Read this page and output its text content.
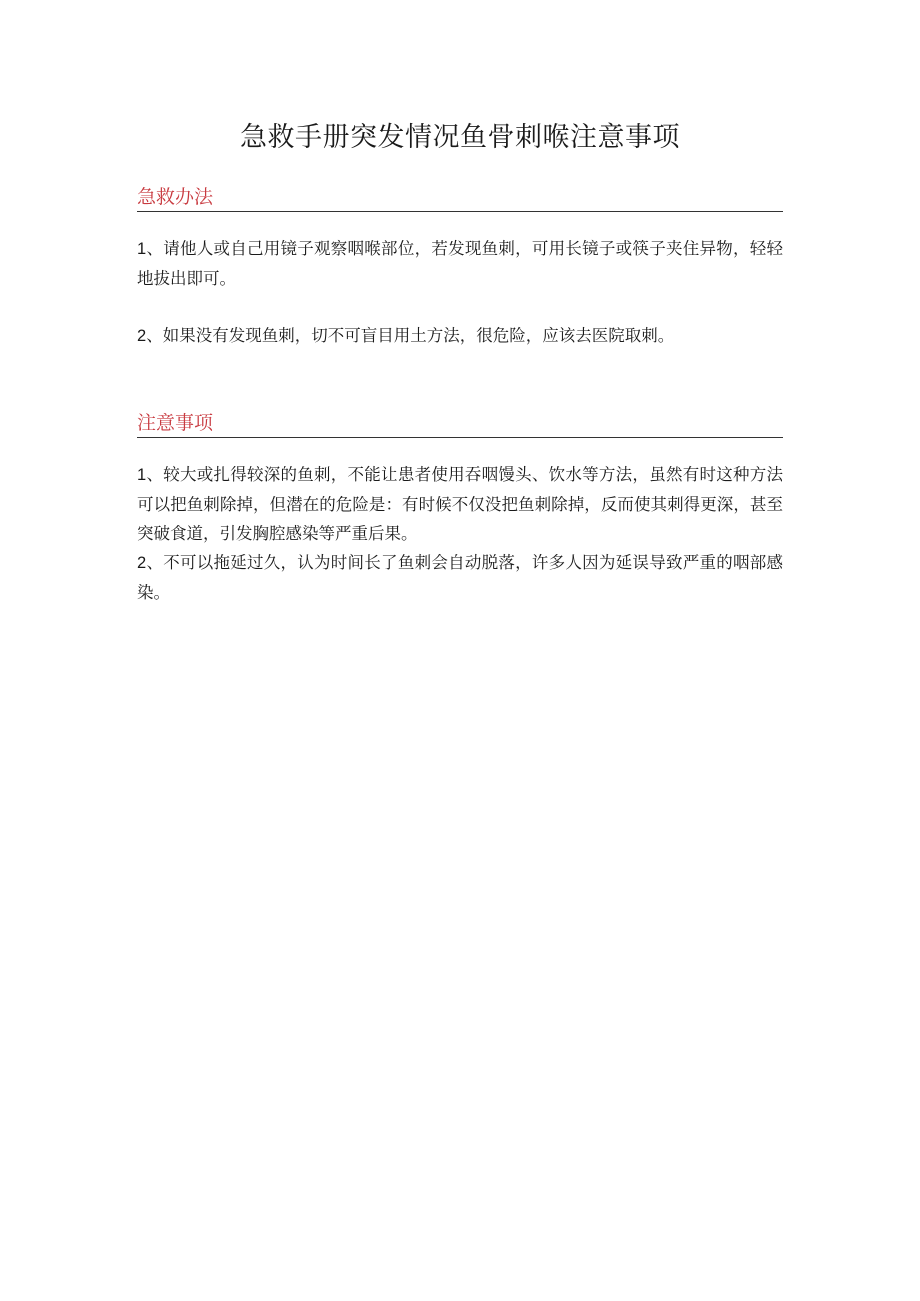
急救手册突发情况鱼骨刺喉注意事项
急救办法

1、请他人或自己用镜子观察咽喉部位，若发现鱼刺，可用长镜子或筷子夹住异物，轻轻地拔出即可。

2、如果没有发现鱼刺，切不可盲目用土方法，很危险，应该去医院取刺。

注意事项

1、较大或扎得较深的鱼刺，不能让患者使用吞咽馒头、饮水等方法，虽然有时这种方法可以把鱼刺除掉，但潜在的危险是：有时候不仅没把鱼刺除掉，反而使其刺得更深，甚至突破食道，引发胸腔感染等严重后果。

2、不可以拖延过久，认为时间长了鱼刺会自动脱落，许多人因为延误导致严重的咽部感染。
